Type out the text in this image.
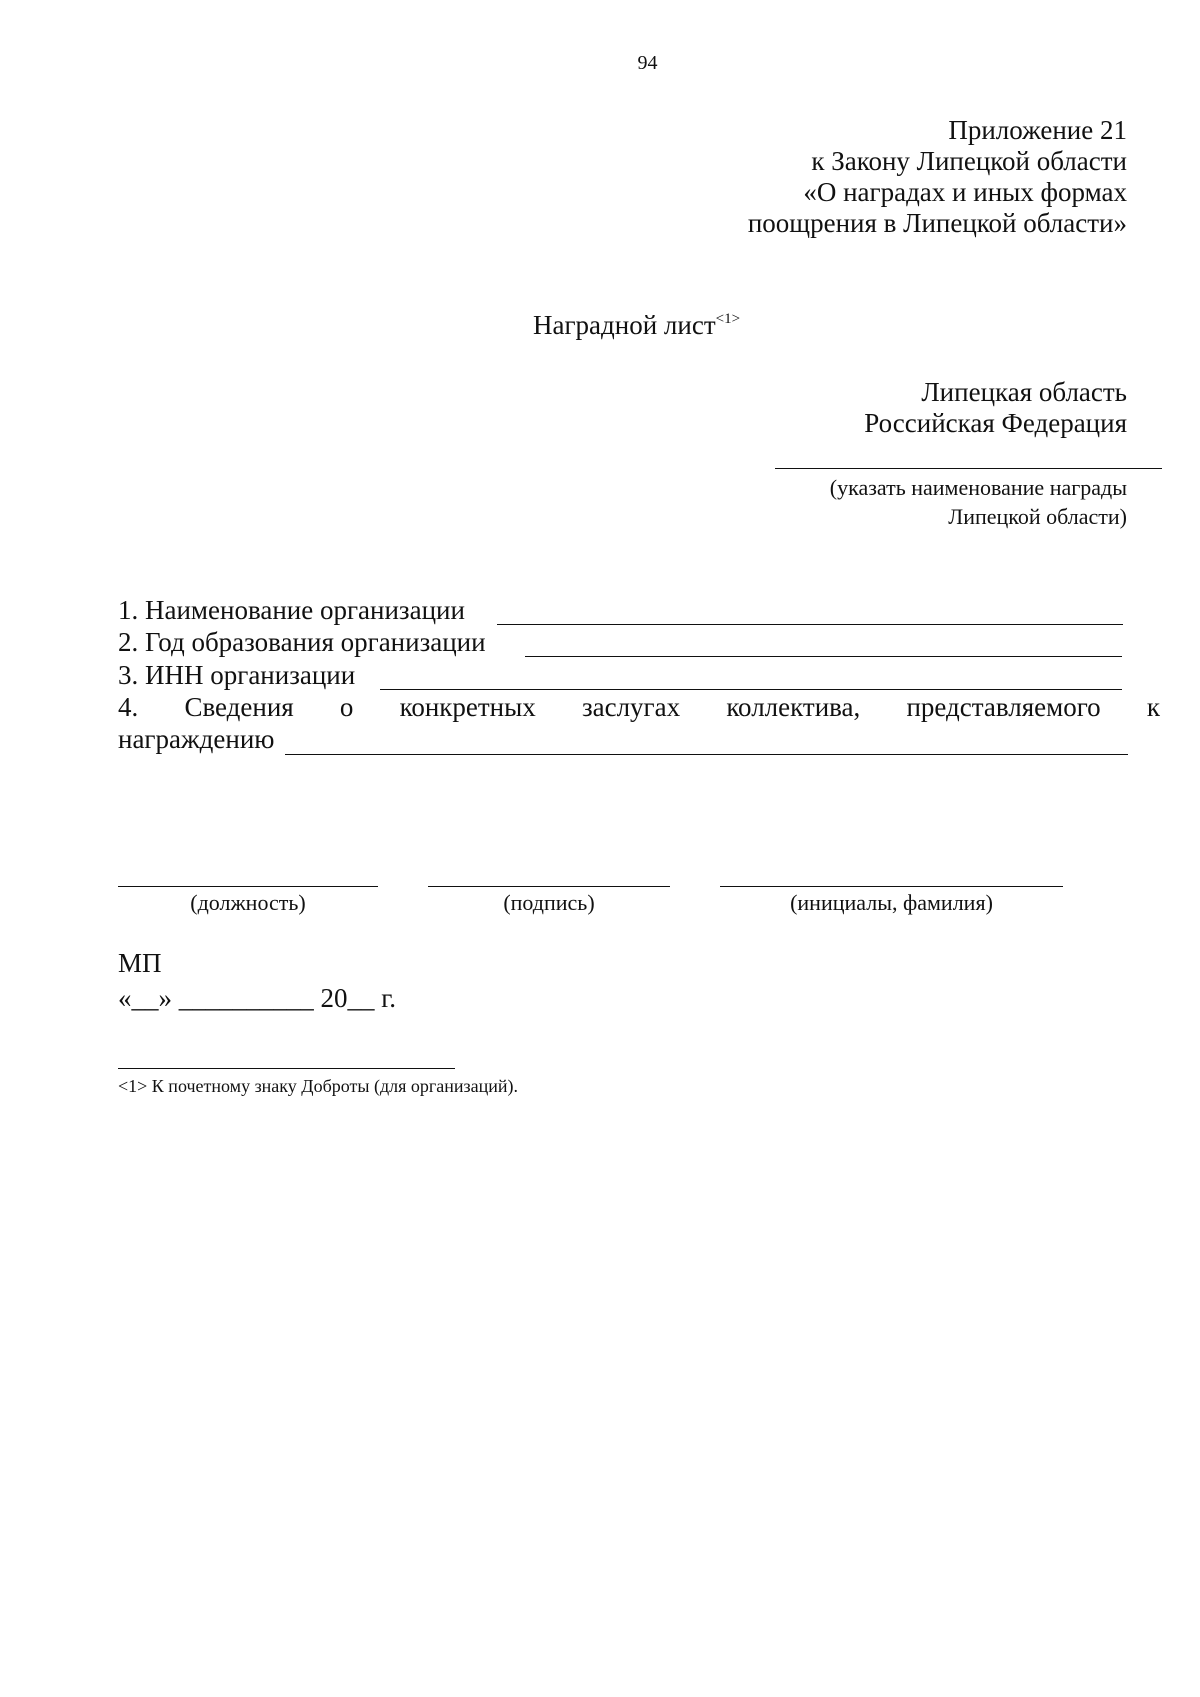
94
Приложение 21
к Закону Липецкой области
«О наградах и иных формах
поощрения в Липецкой области»
Наградной лист$^{<1>}$
Липецкая область
Российская Федерация
(указать наименование награды
Липецкой области)
1. Наименование организации
2. Год образования организации
3. ИНН организации
4. Сведения о конкретных заслугах коллектива, представляемого к
награждению
(должность)	(подпись)	(инициалы, фамилия)
МП
«__» __________ 20__ г.
<1> К почетному знаку Доброты (для организаций).
